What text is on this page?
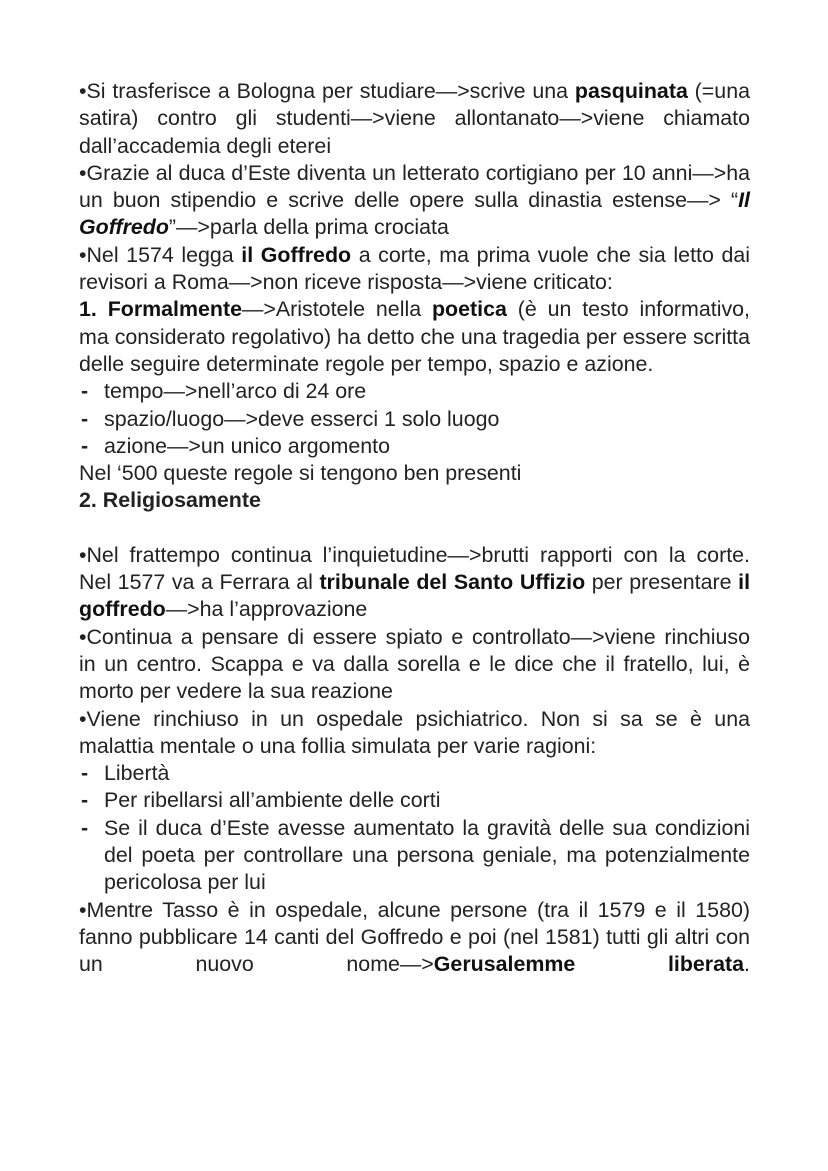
•Si trasferisce a Bologna per studiare—>scrive una pasquinata (=una satira) contro gli studenti—>viene allontanato—>viene chiamato dall’accademia degli eterei

•Grazie al duca d’Este diventa un letterato cortigiano per 10 anni—>ha un buon stipendio e scrive delle opere sulla dinastia estense—> “Il Goffredo”—>parla della prima crociata

•Nel 1574 legga il Goffredo a corte, ma prima vuole che sia letto dai revisori a Roma—>non riceve risposta—>viene criticato:

1. Formalmente—>Aristotele nella poetica (è un testo informativo, ma considerato regolativo) ha detto che una tragedia per essere scritta delle seguire determinate regole per tempo, spazio e azione.

- tempo—>nell’arco di 24 ore

- spazio/luogo—>deve esserci 1 solo luogo

- azione—>un unico argomento

Nel ‘500 queste regole si tengono ben presenti

2. Religiosamente

•Nel frattempo continua l’inquietudine—>brutti rapporti con la corte. Nel 1577 va a Ferrara al tribunale del Santo Uffizio per presentare il goffredo—>ha l’approvazione

•Continua a pensare di essere spiato e controllato—>viene rinchiuso in un centro. Scappa e va dalla sorella e le dice che il fratello, lui, è morto per vedere la sua reazione

•Viene rinchiuso in un ospedale psichiatrico. Non si sa se è una malattia mentale o una follia simulata per varie ragioni:

- Libertà

- Per ribellarsi all’ambiente delle corti

- Se il duca d’Este avesse aumentato la gravità delle sua condizioni del poeta per controllare una persona geniale, ma potenzialmente pericolosa per lui

•Mentre Tasso è in ospedale, alcune persone (tra il 1579 e il 1580) fanno pubblicare 14 canti del Goffredo e poi (nel 1581) tutti gli altri con un nuovo nome—>Gerusalemme liberata.
